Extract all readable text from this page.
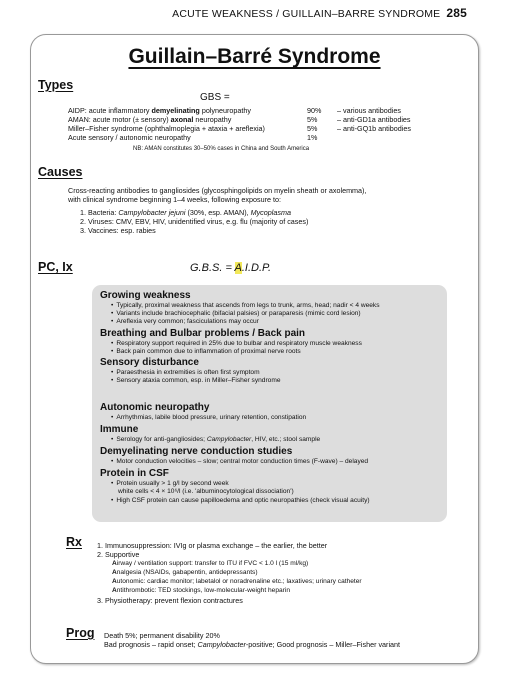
ACUTE WEAKNESS / GUILLAIN–BARRE SYNDROME 285
Guillain–Barré Syndrome
Types
GBS =
AIDP: acute inflammatory demyelinating polyneuropathy	90% – various antibodies
AMAN: acute motor (± sensory) axonal neuropathy	5%	– anti-GD1a antibodies
Miller–Fisher syndrome (ophthalmoplegia + ataxia + areflexia)	5%	– anti-GQ1b antibodies
Acute sensory / autonomic neuropathy	1%
NB: AMAN constitutes 30–50% cases in China and South America
Causes
Cross-reacting antibodies to gangliosides (glycosphingolipids on myelin sheath or axolemma),
with clinical syndrome beginning 1–4 weeks, following exposure to:
1. Bacteria: Campylobacter jejuni (30%, esp. AMAN), Mycoplasma
2. Viruses: CMV, EBV, HIV, unidentified virus, e.g. flu (majority of cases)
3. Vaccines: esp. rabies
PC, Ix	G.B.S. = A.I.D.P.
Growing weakness
• Typically, proximal weakness that ascends from legs to trunk, arms, head; nadir < 4 weeks
• Variants include brachiocephalic (bifacial palsies) or paraparesis (mimic cord lesion)
• Areflexia very common; fasciculations may occur
Breathing and Bulbar problems / Back pain
• Respiratory support required in 25% due to bulbar and respiratory muscle weakness
• Back pain common due to inflammation of proximal nerve roots
Sensory disturbance
• Paraesthesia in extremities is often first symptom
• Sensory ataxia common, esp. in Miller–Fisher syndrome
Autonomic neuropathy
• Arrhythmias, labile blood pressure, urinary retention, constipation
Immune
• Serology for anti-gangliosides; Campylobacter, HIV, etc.; stool sample
Demyelinating nerve conduction studies
• Motor conduction velocities – slow; central motor conduction times (F-wave) – delayed
Protein in CSF
• Protein usually > 1 g/l by second week
white cells < 4 × 10⁶/l (i.e. 'albuminocytological dissociation')
• High CSF protein can cause papilloedema and optic neuropathies (check visual acuity)
Rx 1. Immunosuppression: IVIg or plasma exchange – the earlier, the better
2. Supportive
Airway / ventilation support: transfer to ITU if FVC < 1.0 l (15 ml/kg)
Analgesia (NSAIDs, gabapentin, antidepressants)
Autonomic: cardiac monitor; labetalol or noradrenaline etc.; laxatives; urinary catheter
Antithrombotic: TED stockings, low-molecular-weight heparin
3. Physiotherapy: prevent flexion contractures
Prog Death 5%; permanent disability 20%
Bad prognosis – rapid onset; Campylobacter-positive; Good prognosis – Miller–Fisher variant
